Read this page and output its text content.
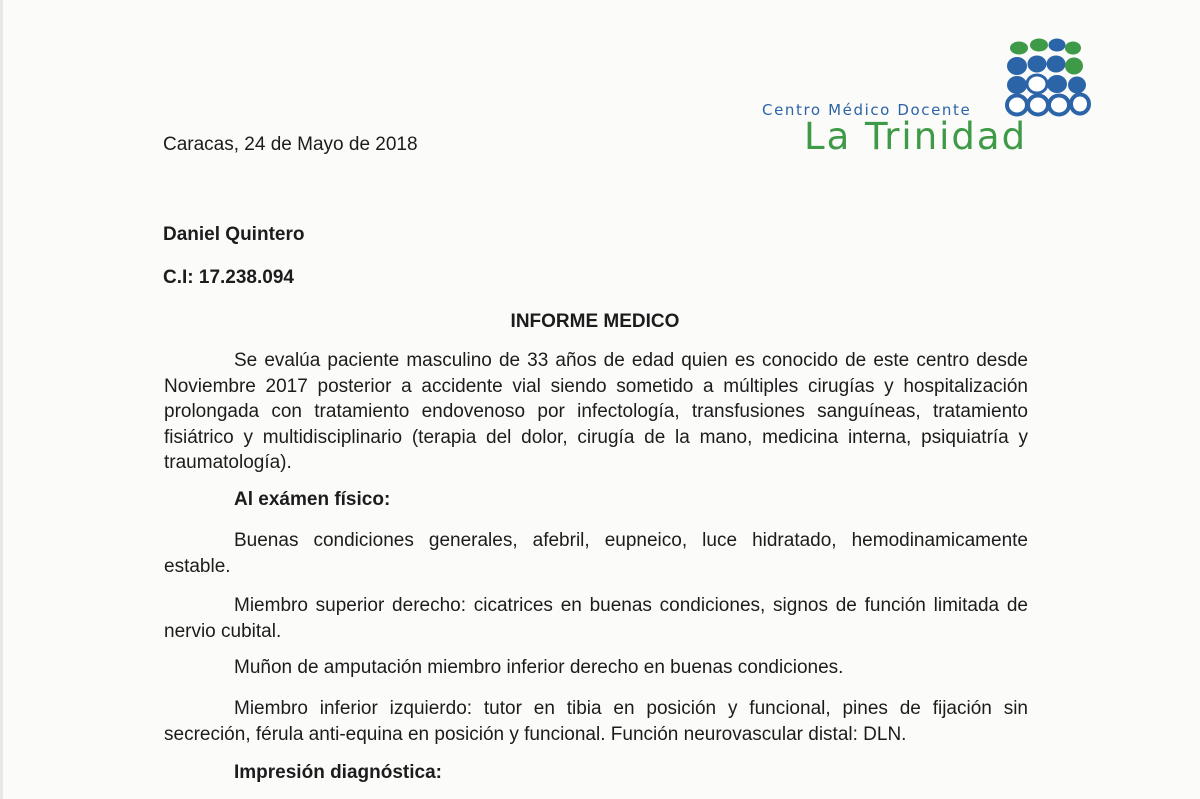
Centro Médico Docente
La Trinidad
Caracas, 24 de Mayo de 2018
Daniel Quintero
C.I: 17.238.094
INFORME MEDICO
Se evalúa paciente masculino de 33 años de edad quien es conocido de este centro desde Noviembre 2017 posterior a accidente vial siendo sometido a múltiples cirugías y hospitalización prolongada con tratamiento endovenoso por infectología, transfusiones sanguíneas, tratamiento fisiátrico y multidisciplinario (terapia del dolor, cirugía de la mano, medicina interna, psiquiatría y traumatología).
Al exámen físico:
Buenas condiciones generales, afebril, eupneico, luce hidratado, hemodinamicamente estable.
Miembro superior derecho: cicatrices en buenas condiciones, signos de función limitada de nervio cubital.
Muñon de amputación miembro inferior derecho en buenas condiciones.
Miembro inferior izquierdo: tutor en tibia en posición y funcional, pines de fijación sin secreción, férula anti-equina en posición y funcional. Función neurovascular distal: DLN.
Impresión diagnóstica:
